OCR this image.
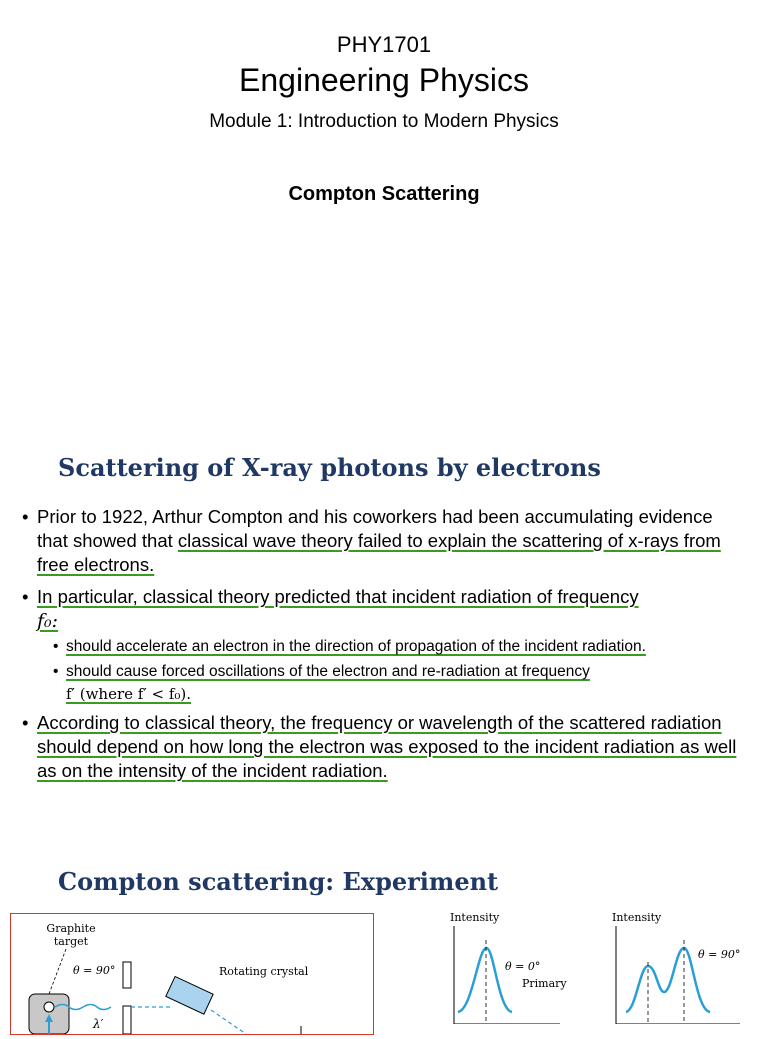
PHY1701
Engineering Physics
Module 1: Introduction to Modern Physics
Compton Scattering
Scattering of X-ray photons by electrons
• Prior to 1922, Arthur Compton and his coworkers had been accumulating evidence that showed that classical wave theory failed to explain the scattering of x-rays from free electrons.
• In particular, classical theory predicted that incident radiation of frequency
f₀:
• should accelerate an electron in the direction of propagation of the incident radiation.
• should cause forced oscillations of the electron and re-radiation at frequency
f′ (where f′ < f₀).
• According to classical theory, the frequency or wavelength of the scattered radiation should depend on how long the electron was exposed to the incident radiation as well as on the intensity of the incident radiation.
Compton scattering: Experiment
Graphite
target
θ = 90°	Rotating crystal
λ′
Intensity
θ = 0°
Primary
Intensity
θ = 90°
